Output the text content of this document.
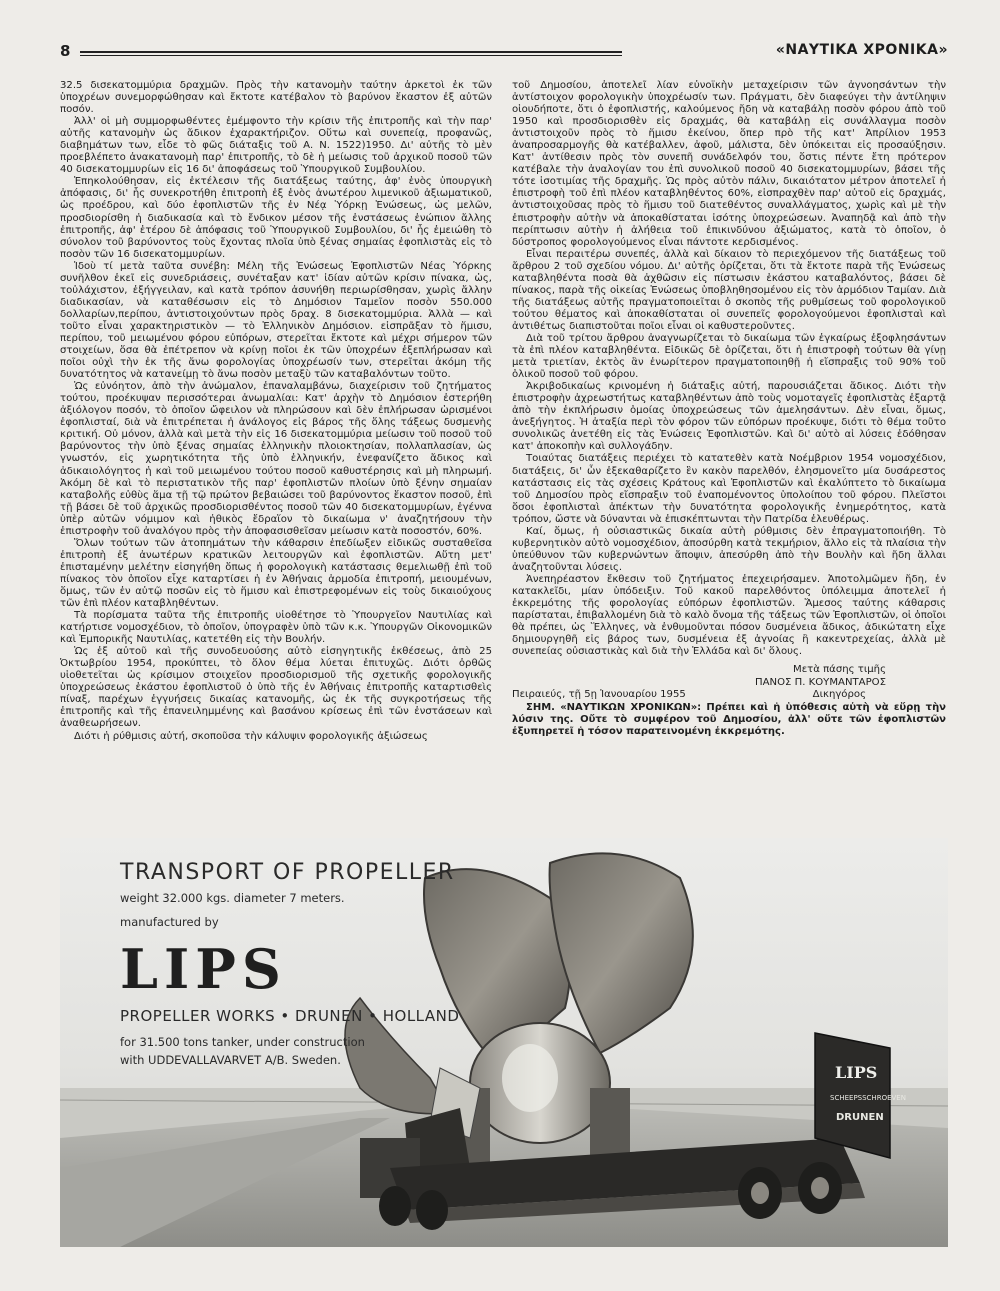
8	«ΝΑΥΤΙΚΑ ΧΡΟΝΙΚΑ»

32.5 δισεκατομμύρια δραχμῶν. Πρὸς τὴν κατανομὴν ταύτην ἀρκετοὶ ἐκ τῶν ὑποχρέων συνεμορφώθησαν καὶ ἔκτοτε κατέβαλον τὸ βαρύνον ἕκαστον ἐξ αὐτῶν ποσόν.

Ἀλλ' οἱ μὴ συμμορφωθέντες ἐμέμφοντο τὴν κρίσιν τῆς ἐπιτροπῆς καὶ τὴν παρ' αὐτῆς κατανομὴν ὡς ἄδικον ἐχαρακτήριζον. Οὕτω καὶ συνεπείᾳ, προφανῶς, διαβημάτων των, εἶδε τὸ φῶς διάταξις τοῦ Α. Ν. 1522)1950. Δι' αὐτῆς τὸ μὲν προεβλέπετο ἀνακατανομὴ παρ' ἐπιτροπῆς, τὸ δὲ ἡ μείωσις τοῦ ἀρχικοῦ ποσοῦ τῶν 40 δισεκατομμυρίων εἰς 16 δι' ἀποφάσεως τοῦ Ὑπουργικοῦ Συμβουλίου.

Ἐπηκολούθησαν, εἰς ἐκτέλεσιν τῆς διατάξεως ταύτης, ἀφ' ἑνὸς ὑπουργικὴ ἀπόφασις, δι' ἧς συνεκροτήθη ἐπιτροπὴ ἐξ ἑνὸς ἀνωτέρου λιμενικοῦ ἀξιωματικοῦ, ὡς προέδρου, καὶ δύο ἐφοπλιστῶν τῆς ἐν Νέᾳ Ὑόρκῃ Ἑνώσεως, ὡς μελῶν, προσδιορίσθη ἡ διαδικασία καὶ τὸ ἔνδικον μέσον τῆς ἐνστάσεως ἐνώπιον ἄλλης ἐπιτροπῆς, ἀφ' ἑτέρου δὲ ἀπόφασις τοῦ Ὑπουργικοῦ Συμβουλίου, δι' ἧς ἐμειώθη τὸ σύνολον τοῦ βαρύνοντος τοὺς ἔχοντας πλοῖα ὑπὸ ξένας σημαίας ἐφοπλιστὰς εἰς τὸ ποσὸν τῶν 16 δισεκατομμυρίων.

Ἰδοὺ τί μετὰ ταῦτα συνέβη: Μέλη τῆς Ἑνώσεως Ἐφοπλιστῶν Νέας Ὑόρκης συνῆλθον ἐκεῖ εἰς συνεδριάσεις, συνέταξαν κατ' ἰδίαν αὐτῶν κρίσιν πίνακα, ὡς, τοὐλάχιστον, ἐξήγγειλαν, καὶ κατὰ τρόπον ἀσυνήθη περιωρίσθησαν, χωρὶς ἄλλην διαδικασίαν, νὰ καταθέσωσιν εἰς τὸ Δημόσιον Ταμεῖον ποσὸν 550.000 δολλαρίων,περίπου, ἀντιστοιχούντων πρὸς δραχ. 8 δισεκατομμύρια. Ἀλλὰ — καὶ τοῦτο εἶναι χαρακτηριστικὸν — τὸ Ἑλληνικὸν Δημόσιον. εἰσπρᾶξαν τὸ ἥμισυ, περίπου, τοῦ μειωμένου φόρου εὐπόρων, στερεῖται ἔκτοτε καὶ μέχρι σήμερον τῶν στοιχείων, ὅσα θὰ ἐπέτρεπον νὰ κρίνῃ ποῖοι ἐκ τῶν ὑποχρέων ἐξεπλήρωσαν καὶ ποῖοι οὐχὶ τὴν ἐκ τῆς ἄνω φορολογίας ὑποχρέωσίν των, στερεῖται ἀκόμη τῆς δυνατότητος νὰ κατανείμῃ τὸ ἄνω ποσὸν μεταξὺ τῶν καταβαλόντων τοῦτο.

Ὡς εὐνόητον, ἀπὸ τὴν ἀνώμαλον, ἐπαναλαμβάνω, διαχείρισιν τοῦ ζητήματος τούτου, προέκυψαν περισσότεραι ἀνωμαλίαι: Κατ' ἀρχὴν τὸ Δημόσιον ἐστερήθη ἀξιόλογον ποσόν, τὸ ὁποῖον ὤφειλον νὰ πληρώσουν καὶ δὲν ἐπλήρωσαν ὡρισμένοι ἐφοπλισταί, διὰ νὰ ἐπιτρέπεται ἡ ἀνάλογος εἰς βάρος τῆς ὅλης τάξεως δυσμενὴς κριτική. Οὐ μόνον, ἀλλὰ καὶ μετὰ τὴν εἰς 16 δισεκατομμύρια μείωσιν τοῦ ποσοῦ τοῦ βαρύνοντος τὴν ὑπὸ ξένας σημαίας ἑλληνικὴν πλοιοκτησίαν, πολλαπλασίαν, ὡς γνωστόν, εἰς χωρητικότητα τῆς ὑπὸ ἑλληνικήν, ἐνεφανίζετο ἄδικος καὶ ἀδικαιολόγητος ἡ καὶ τοῦ μειωμένου τούτου ποσοῦ καθυστέρησις καὶ μὴ πληρωμή. Ἀκόμη δὲ καὶ τὸ περιστατικὸν τῆς παρ' ἐφοπλιστῶν πλοίων ὑπὸ ξένην σημαίαν καταβολῆς εὐθὺς ἅμα τῇ τῷ πρώτον βεβαιώσει τοῦ βαρύνοντος ἕκαστον ποσοῦ, ἐπὶ τῇ βάσει δὲ τοῦ ἀρχικῶς προσδιορισθέντος ποσοῦ τῶν 40 δισεκατομμυρίων, ἐγέννα ὑπὲρ αὐτῶν νόμιμον καὶ ἠθικὸς ἔδραἵον τὸ δικαίωμα ν' ἀναζητήσουν τὴν ἐπιστροφὴν τοῦ ἀναλόγου πρὸς τὴν ἀποφασισθεῖσαν μείωσιν κατὰ ποσοστόν, 60%.

Ὅλων τούτων τῶν ἀτοπημάτων τὴν κάθαρσιν ἐπεδίωξεν εἰδικῶς συσταθεῖσα ἐπιτροπὴ ἐξ ἀνωτέρων κρατικῶν λειτουργῶν καὶ ἐφοπλιστῶν. Αὕτη μετ' ἐπισταμένην μελέτην εἰσηγήθη ὅπως ἡ φορολογικὴ κατάστασις θεμελιωθῇ ἐπὶ τοῦ πίνακος τὸν ὁποῖον εἶχε καταρτίσει ἡ ἐν Ἀθήναις ἁρμοδία ἐπιτροπή, μειουμένων, ὅμως, τῶν ἐν αὐτῷ ποσῶν εἰς τὸ ἥμισυ καὶ ἐπιστρεφομένων εἰς τοὺς δικαιούχους τῶν ἐπὶ πλέον καταβληθέντων.

Τὰ πορίσματα ταῦτα τῆς ἐπιτροπῆς υἱοθέτησε τὸ Ὑπουργεῖον Ναυτιλίας καὶ κατήρτισε νομοσχέδιον, τὸ ὁποῖον, ὑπογραφὲν ὑπὸ τῶν κ.κ. Ὑπουργῶν Οἰκονομικῶν καὶ Ἐμπορικῆς Ναυτιλίας, κατετέθη εἰς τὴν Βουλήν.

Ὡς ἐξ αὐτοῦ καὶ τῆς συνοδευούσης αὐτὸ εἰσηγητικῆς ἐκθέσεως, ἀπὸ 25 Ὀκτωβρίου 1954, προκύπτει, τὸ ὅλον θέμα λύεται ἐπιτυχῶς. Διότι ὀρθῶς υἱοθετεῖται ὡς κρίσιμον στοιχεῖον προσδιορισμοῦ τῆς σχετικῆς φορολογικῆς ὑποχρεώσεως ἑκάστου ἐφοπλιστοῦ ὁ ὑπὸ τῆς ἐν Ἀθήναις ἐπιτροπῆς καταρτισθεὶς πίναξ, παρέχων ἐγγυήσεις δικαίας κατανομῆς, ὡς ἐκ τῆς συγκροτήσεως τῆς ἐπιτροπῆς καὶ τῆς ἐπανειλημμένης καὶ βασάνου κρίσεως ἐπὶ τῶν ἐνστάσεων καὶ ἀναθεωρήσεων.

Διότι ἡ ρύθμισις αὐτή, σκοποῦσα τὴν κάλυψιν φορολογικῆς ἀξιώσεως

τοῦ Δημοσίου, ἀποτελεῖ λίαν εὐνοϊκὴν μεταχείρισιν τῶν ἀγνοησάντων τὴν ἀντίστοιχον φορολογικὴν ὑποχρέωσίν των. Πράγματι, δὲν διαφεύγει τὴν ἀντίληψιν οἱουδήποτε, ὅτι ὁ ἐφοπλιστής, καλούμενος ἤδη νὰ καταβάλῃ ποσὸν φόρου ἀπὸ τοῦ 1950 καὶ προσδιορισθὲν εἰς δραχμάς, θὰ καταβάλῃ εἰς συνάλλαγμα ποσὸν ἀντιστοιχοῦν πρὸς τὸ ἥμισυ ἐκείνου, ὅπερ πρὸ τῆς κατ' Ἀπρίλιον 1953 ἀναπροσαρμογῆς θὰ κατέβαλλεν, ἀφοῦ, μάλιστα, δὲν ὑπόκειται εἰς προσαύξησιν. Κατ' ἀντίθεσιν πρὸς τὸν συνεπῆ συνάδελφόν του, ὅστις πέντε ἔτη πρότερον κατέβαλε τὴν ἀναλογίαν του ἐπὶ συνολικοῦ ποσοῦ 40 δισεκατομμυρίων, βάσει τῆς τότε ἰσοτιμίας τῆς δραχμῆς. Ὡς πρὸς αὐτὸν πάλιν, δικαιότατον μέτρον ἀποτελεῖ ἡ ἐπιστροφὴ τοῦ ἐπὶ πλέον καταβληθέντος 60%, εἰσπραχθὲν παρ' αὐτοῦ εἰς δραχμάς, ἀντιστοιχοῦσας πρὸς τὸ ἥμισυ τοῦ διατεθέντος συναλλάγματος, χωρὶς καὶ μὲ τὴν ἐπιστροφὴν αὐτὴν νὰ ἀποκαθίσταται ἰσότης ὑποχρεώσεων. Ἀναπηδᾷ καὶ ἀπὸ τὴν περίπτωσιν αὐτὴν ἡ ἀλήθεια τοῦ ἐπικινδύνου ἀξιώματος, κατὰ τὸ ὁποῖον, ὁ δύστροπος φορολογούμενος εἶναι πάντοτε κερδισμένος.

Εἶναι περαιτέρω συνεπές, ἀλλὰ καὶ δίκαιον τὸ περιεχόμενον τῆς διατάξεως τοῦ ἄρθρου 2 τοῦ σχεδίου νόμου. Δι' αὐτῆς ὁρίζεται, ὅτι τὰ ἔκτοτε παρὰ τῆς Ἑνώσεως καταβληθέντα ποσὰ θὰ ἀχθῶσιν εἰς πίστωσιν ἑκάστου καταβαλόντος, βάσει δὲ πίνακος, παρὰ τῆς οἰκείας Ἑνώσεως ὑποβληθησομένου εἰς τὸν ἁρμόδιον Ταμίαν. Διὰ τῆς διατάξεως αὐτῆς πραγματοποιεῖται ὁ σκοπὸς τῆς ρυθμίσεως τοῦ φορολογικοῦ τούτου θέματος καὶ ἀποκαθίσταται οἱ συνεπεῖς φορολογούμενοι ἐφοπλισταὶ καὶ ἀντιθέτως διαπιστοῦται ποῖοι εἶναι οἱ καθυστεροῦντες.

Διὰ τοῦ τρίτου ἄρθρου ἀναγνωρίζεται τὸ δικαίωμα τῶν ἐγκαίρως ἐξοφλησάντων τὰ ἐπὶ πλέον καταβληθέντα. Εἰδικῶς δὲ ὁρίζεται, ὅτι ἡ ἐπιστροφὴ τούτων θὰ γίνῃ μετὰ τριετίαν, ἐκτὸς ἂν ἐνωρίτερον πραγματοποιηθῇ ἡ εἴσπραξις τοῦ 90% τοῦ ὁλικοῦ ποσοῦ τοῦ φόρου.

Ἀκριβοδικαίως κρινομένη ἡ διάταξις αὐτή, παρουσιάζεται ἄδικος. Διότι τὴν ἐπιστροφὴν ἀχρεωστήτως καταβληθέντων ἀπὸ τοὺς νομοταγεῖς ἐφοπλιστὰς ἐξαρτᾷ ἀπὸ τὴν ἐκπλήρωσιν ὁμοίας ὑποχρεώσεως τῶν ἀμελησάντων. Δὲν εἶναι, ὅμως, ἀνεξήγητος. Ἡ ἀταξία περὶ τὸν φόρον τῶν εὐπόρων προέκυψε, διότι τὸ θέμα τοῦτο συνολικῶς ἀνετέθη εἰς τὰς Ἑνώσεις Ἐφοπλιστῶν. Καὶ δι' αὐτὸ αἱ λύσεις ἐδόθησαν κατ' ἀποκοπὴν καὶ συλλογάδην.

Τοιαύτας διατάξεις περιέχει τὸ κατατεθὲν κατὰ Νοέμβριον 1954 νομοσχέδιον, διατάξεις, δι' ὧν ἐξεκαθαρίζετο ἓν κακὸν παρελθόν, ἐλησμονεῖτο μία δυσάρεστος κατάστασις εἰς τὰς σχέσεις Κράτους καὶ Ἐφοπλιστῶν καὶ ἐκαλύπτετο τὸ δικαίωμα τοῦ Δημοσίου πρὸς εἴσπραξιν τοῦ ἐναπομένοντος ὑπολοίπου τοῦ φόρου. Πλεῖστοι ὅσοι ἐφοπλισταὶ ἀπέκτων τὴν δυνατότητα φορολογικῆς ἐνημερότητος, κατὰ τρόπον, ὥστε νὰ δύνανται νὰ ἐπισκέπτωνται τὴν Πατρίδα ἐλευθέρως.

Καί, ὅμως, ἡ οὐσιαστικῶς δικαία αὐτὴ ρύθμισις δὲν ἐπραγματοποιήθη. Τὸ κυβερνητικὸν αὐτὸ νομοσχέδιον, ἀποσύρθη κατὰ τεκμήριον, ἄλλο εἰς τὰ πλαίσια τὴν ὑπεύθυνον τῶν κυβερνώντων ἄποψιν, ἀπεσύρθη ἀπὸ τὴν Βουλὴν καὶ ἤδη ἄλλαι ἀναζητοῦνται λύσεις.

Ἀνεπηρέαστον ἔκθεσιν τοῦ ζητήματος ἐπεχειρήσαμεν. Ἀποτολμῶμεν ἤδη, ἐν κατακλεῖδι, μίαν ὑπόδειξιν. Τοῦ κακοῦ παρελθόντος ὑπόλειμμα ἀποτελεῖ ἡ ἐκκρεμότης τῆς φορολογίας εὐπόρων ἐφοπλιστῶν. Ἄμεσος ταύτης κάθαρσις παρίσταται, ἐπιβαλλομένη διὰ τὸ καλὸ ὄνομα τῆς τάξεως τῶν Ἐφοπλιστῶν, οἱ ὁποῖοι θὰ πρέπει, ὡς Ἕλληνες, νὰ ἐνθυμοῦνται πόσον δυσμένεια ἄδικος, ἀδικώτατη εἶχε δημιουργηθῆ εἰς βάρος των, δυσμένεια ἐξ ἀγνοίας ἢ κακεντρεχείας, ἀλλὰ μὲ συνεπείας οὐσιαστικὰς καὶ διὰ τὴν Ἑλλάδα καὶ δι' ὅλους.

Μετὰ πάσης τιμῆς
ΠΑΝΟΣ Π. ΚΟΥΜΑΝΤΑΡΟΣ
Πειραιεύς, τῇ 5ῃ Ἰανουαρίου 1955	Δικηγόρος

ΣΗΜ. «ΝΑΥΤΙΚΩΝ ΧΡΟΝΙΚΩΝ»: Πρέπει καὶ ἡ ὑπόθεσις αὐτὴ νὰ εὕρῃ τὴν λύσιν της. Οὔτε τὸ συμφέρον τοῦ Δημοσίου, ἀλλ' οὔτε τῶν ἐφοπλιστῶν ἐξυπηρετεῖ ἡ τόσον παρατεινομένη ἐκκρεμότης.

LIPS
SCHEEPSSCHROEVEN
DRUNEN
TRANSPORT OF PROPELLER
weight 32.000 kgs. diameter 7 meters.
manufactured by
LIPS
PROPELLER WORKS • DRUNEN • HOLLAND
for 31.500 tons tanker, under construction
with UDDEVALLAVARVET A/B. Sweden.
